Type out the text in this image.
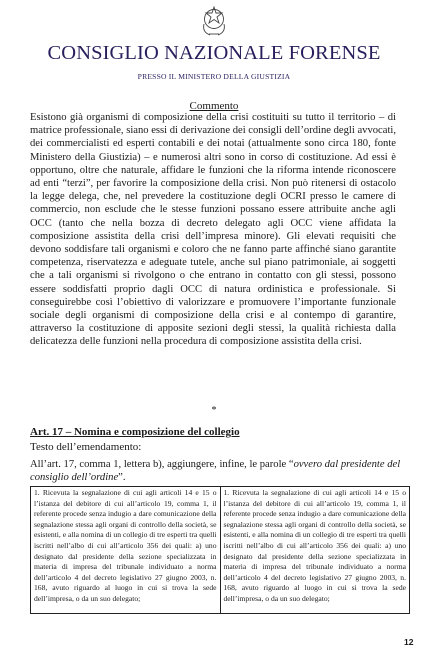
CONSIGLIO NAZIONALE FORENSE
PRESSO IL MINISTERO DELLA GIUSTIZIA
Commento
Esistono già organismi di composizione della crisi costituiti su tutto il territorio – di matrice professionale, siano essi di derivazione dei consigli dell’ordine degli avvocati, dei commercialisti ed esperti contabili e dei notai (attualmente sono circa 180, fonte Ministero della Giustizia) – e numerosi altri sono in corso di costituzione. Ad essi è opportuno, oltre che naturale, affidare le funzioni che la riforma intende riconoscere ad enti “terzi”, per favorire la composizione della crisi. Non può ritenersi di ostacolo la legge delega, che, nel prevedere la costituzione degli OCRI presso le camere di commercio, non esclude che le stesse funzioni possano essere attribuite anche agli OCC (tanto che nella bozza di decreto delegato agli OCC viene affidata la composizione assistita della crisi dell’impresa minore). Gli elevati requisiti che devono soddisfare tali organismi e coloro che ne fanno parte affinché siano garantite competenza, riservatezza e adeguate tutele, anche sul piano patrimoniale, ai soggetti che a tali organismi si rivolgono o che entrano in contatto con gli stessi, possono essere soddisfatti proprio dagli OCC di natura ordinistica e professionale. Si conseguirebbe così l’obiettivo di valorizzare e promuovere l’importante funzionale sociale degli organismi di composizione della crisi e al contempo di garantire, attraverso la costituzione di apposite sezioni degli stessi, la qualità richiesta dalla delicatezza delle funzioni nella procedura di composizione assistita della crisi.
*
Art. 17 – Nomina e composizione del collegio
Testo dell’emendamento:
All’art. 17, comma 1, lettera b), aggiungere, infine, le parole “ovvero dal presidente del consiglio dell’ordine”.
1. Ricevuta la segnalazione di cui agli articoli 14 e 15 o l’istanza del debitore di cui all’articolo 19, comma 1, il referente procede senza indugio a dare comunicazione della segnalazione stessa agli organi di controllo della società, se esistenti, e alla nomina di un collegio di tre esperti tra quelli iscritti nell’albo di cui all’articolo 356 dei quali: a) uno designato dal presidente della sezione specializzata in materia di impresa del tribunale individuato a norma dell’articolo 4 del decreto legislativo 27 giugno 2003, n. 168, avuto riguardo al luogo in cui si trova la sede dell’impresa, o da un suo delegato;	1. Ricevuta la segnalazione di cui agli articoli 14 e 15 o l’istanza del debitore di cui all’articolo 19, comma 1, il referente procede senza indugio a dare comunicazione della segnalazione stessa agli organi di controllo della società, se esistenti, e alla nomina di un collegio di tre esperti tra quelli iscritti nell’albo di cui all’articolo 356 dei quali: a) uno designato dal presidente della sezione specializzata in materia di impresa del tribunale individuato a norma dell’articolo 4 del decreto legislativo 27 giugno 2003, n. 168, avuto riguardo al luogo in cui si trova la sede dell’impresa, o da un suo delegato;
12
